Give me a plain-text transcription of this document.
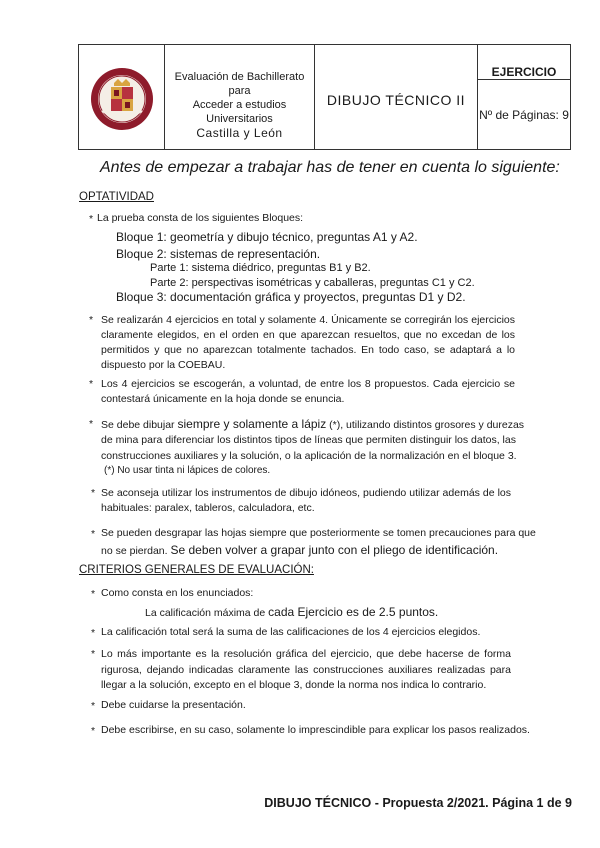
Evaluación de Bachillerato para
Acceder a estudios Universitarios
Castilla y León
DIBUJO TÉCNICO II
EJERCICIO
Nº de Páginas: 9
Antes de empezar a trabajar has de tener en cuenta lo siguiente:
OPTATIVIDAD
* La prueba consta de los siguientes Bloques:
Bloque 1: geometría y dibujo técnico, preguntas A1 y A2.
Bloque 2: sistemas de representación.
Parte 1: sistema diédrico, preguntas B1 y B2.
Parte 2: perspectivas isométricas y caballeras, preguntas C1 y C2.
Bloque 3: documentación gráfica y proyectos, preguntas D1 y D2.
* Se realizarán 4 ejercicios en total y solamente 4. Únicamente se corregirán los ejercicios claramente elegidos, en el orden en que aparezcan resueltos, que no excedan de los permitidos y que no aparezcan totalmente tachados. En todo caso, se adaptará a lo dispuesto por la COEBAU.
* Los 4 ejercicios se escogerán, a voluntad, de entre los 8 propuestos. Cada ejercicio se contestará únicamente en la hoja donde se enuncia.
* Se debe dibujar siempre y solamente a lápiz (*), utilizando distintos grosores y durezas
de mina para diferenciar los distintos tipos de líneas que permiten distinguir los datos, las
construcciones auxiliares y la solución, o la aplicación de la normalización en el bloque 3.
(*) No usar tinta ni lápices de colores.
* Se aconseja utilizar los instrumentos de dibujo idóneos, pudiendo utilizar además de los habituales: paralex, tableros, calculadora, etc.
* Se pueden desgrapar las hojas siempre que posteriormente se tomen precauciones para que
no se pierdan. Se deben volver a grapar junto con el pliego de identificación.
CRITERIOS GENERALES DE EVALUACIÓN:
* Como consta en los enunciados:
La calificación máxima de cada Ejercicio es de 2.5 puntos.
* La calificación total será la suma de las calificaciones de los 4 ejercicios elegidos.
* Lo más importante es la resolución gráfica del ejercicio, que debe hacerse de forma rigurosa, dejando indicadas claramente las construcciones auxiliares realizadas para llegar a la solución, excepto en el bloque 3, donde la norma nos indica lo contrario.
* Debe cuidarse la presentación.
* Debe escribirse, en su caso, solamente lo imprescindible para explicar los pasos realizados.
DIBUJO TÉCNICO - Propuesta 2/2021. Página 1 de 9
